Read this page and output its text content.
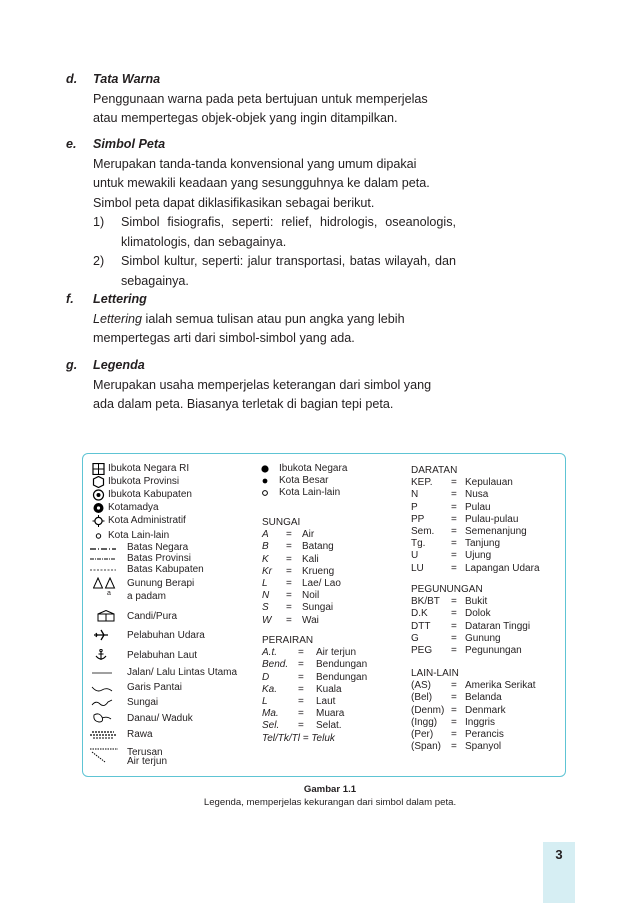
d.	Tata Warna
Penggunaan warna pada peta bertujuan untuk memperjelas
atau mempertegas objek-objek yang ingin ditampilkan.
e.	Simbol Peta
Merupakan tanda-tanda konvensional yang umum dipakai
untuk mewakili keadaan yang sesungguhnya ke dalam peta.
Simbol peta dapat diklasifikasikan sebagai berikut.
1)	Simbol fisiografis, seperti: relief, hidrologis, oseanologis, klimatologis, dan sebagainya.
2)	Simbol kultur, seperti: jalur transportasi, batas wilayah, dan sebagainya.
f.	Lettering
Lettering ialah semua tulisan atau pun angka yang lebih
mempertegas arti dari simbol-simbol yang ada.
g.	Legenda
Merupakan usaha memperjelas keterangan dari simbol yang
ada dalam peta. Biasanya terletak di bagian tepi peta.
Ibukota Negara RI
Ibukota Provinsi
Ibukota Kabupaten
Kotamadya
Kota Administratif
Kota Lain-lain
Batas Negara
Batas Provinsi
Batas Kabupaten
Gunung Berapi
a a padam
Candi/Pura
Pelabuhan Udara
Pelabuhan Laut
Jalan/ Lalu Lintas Utama
Garis Pantai
Sungai
Danau/ Waduk
Rawa
Terusan
Air terjun
Ibukota Negara
Kota Besar
Kota Lain-lain
SUNGAI
A	=	Air
B	=	Batang
K	=	Kali
Kr	=	Krueng
L	=	Lae/ Lao
N	=	Noil
S	=	Sungai
W	=	Wai
PERAIRAN
A.t.	=	Air terjun
Bend. =	Bendungan
D	=	Bendungan
Ka.	=	Kuala
L	=	Laut
Ma.	=	Muara
Sel.	=	Selat.
Tel/Tk/Tl = Teluk
DARATAN
KEP.	= Kepulauan
N	= Nusa
P	= Pulau
PP	= Pulau-pulau
Sem.	= Semenanjung
Tg.	= Tanjung
U	= Ujung
LU	= Lapangan Udara
PEGUNUNGAN
BK/BT	= Bukit
D.K	= Dolok
DTT	= Dataran Tinggi
G	= Gunung
PEG	= Pegunungan
LAIN-LAIN
(AS)	= Amerika Serikat
(Bel)	= Belanda
(Denm) = Denmark
(Ingg)	= Inggris
(Per)	= Perancis
(Span) = Spanyol
Gambar 1.1
Legenda, memperjelas kekurangan dari simbol dalam peta.
3
